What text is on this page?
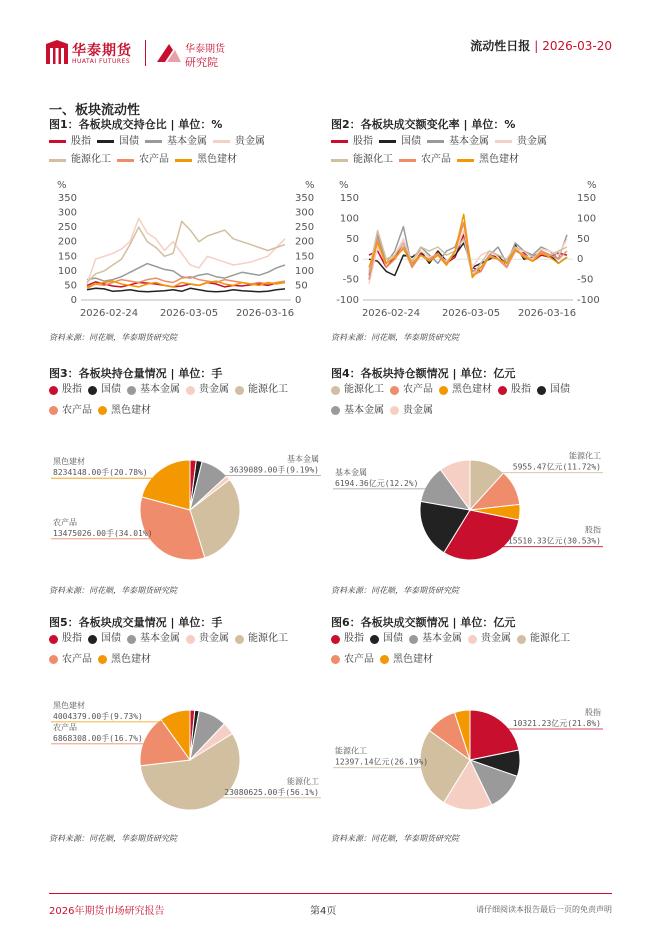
华泰期货
HUATAI FUTURES
华泰期货
研究院
流动性日报 | 2026-03-20
一、板块流动性
图1：各板块成交持仓比 | 单位：%
股指	国债	基本金属	贵金属
能源化工	农产品	黑色建材
%	%
0	0
50	50
100	100
150	150
200	200
250	250
300	300
350	350
2026-02-24 2026-03-05 2026-03-16
资料来源：同花顺，华泰期货研究院
图2：各板块成交额变化率 | 单位：%
股指	国债	基本金属	贵金属
能源化工	农产品	黑色建材
%	%
-100	-100
-50	-50
0	0
50	50
100	100
150	150
2026-02-24 2026-03-05 2026-03-16
资料来源：同花顺，华泰期货研究院
图3：各板块持仓量情况 | 单位：手
股指 国债 基本金属 贵金属 能源化工
农产品 黑色建材
黑色建材
8234148.00手(20.78%)
基本金属
3639089.00手(9.19%)
农产品
13475026.00手(34.01%)
资料来源：同花顺，华泰期货研究院
图4：各板块持仓额情况 | 单位：亿元
能源化工 农产品 黑色建材 股指 国债
基本金属 贵金属
能源化工
5955.47亿元(11.72%)
基本金属
6194.36亿元(12.2%)
股指
15510.33亿元(30.53%)
资料来源：同花顺，华泰期货研究院
图5：各板块成交量情况 | 单位：手
股指 国债 基本金属 贵金属 能源化工
农产品 黑色建材
黑色建材
4004379.00手(9.73%)
农产品
6868308.00手(16.7%)
能源化工
23080625.00手(56.1%)
资料来源：同花顺，华泰期货研究院
图6：各板块成交额情况 | 单位：亿元
股指 国债 基本金属 贵金属 能源化工
农产品 黑色建材
股指
10321.23亿元(21.8%)
能源化工
12397.14亿元(26.19%)
资料来源：同花顺，华泰期货研究院
2026年期货市场研究报告	第4页	请仔细阅读本报告最后一页的免责声明
